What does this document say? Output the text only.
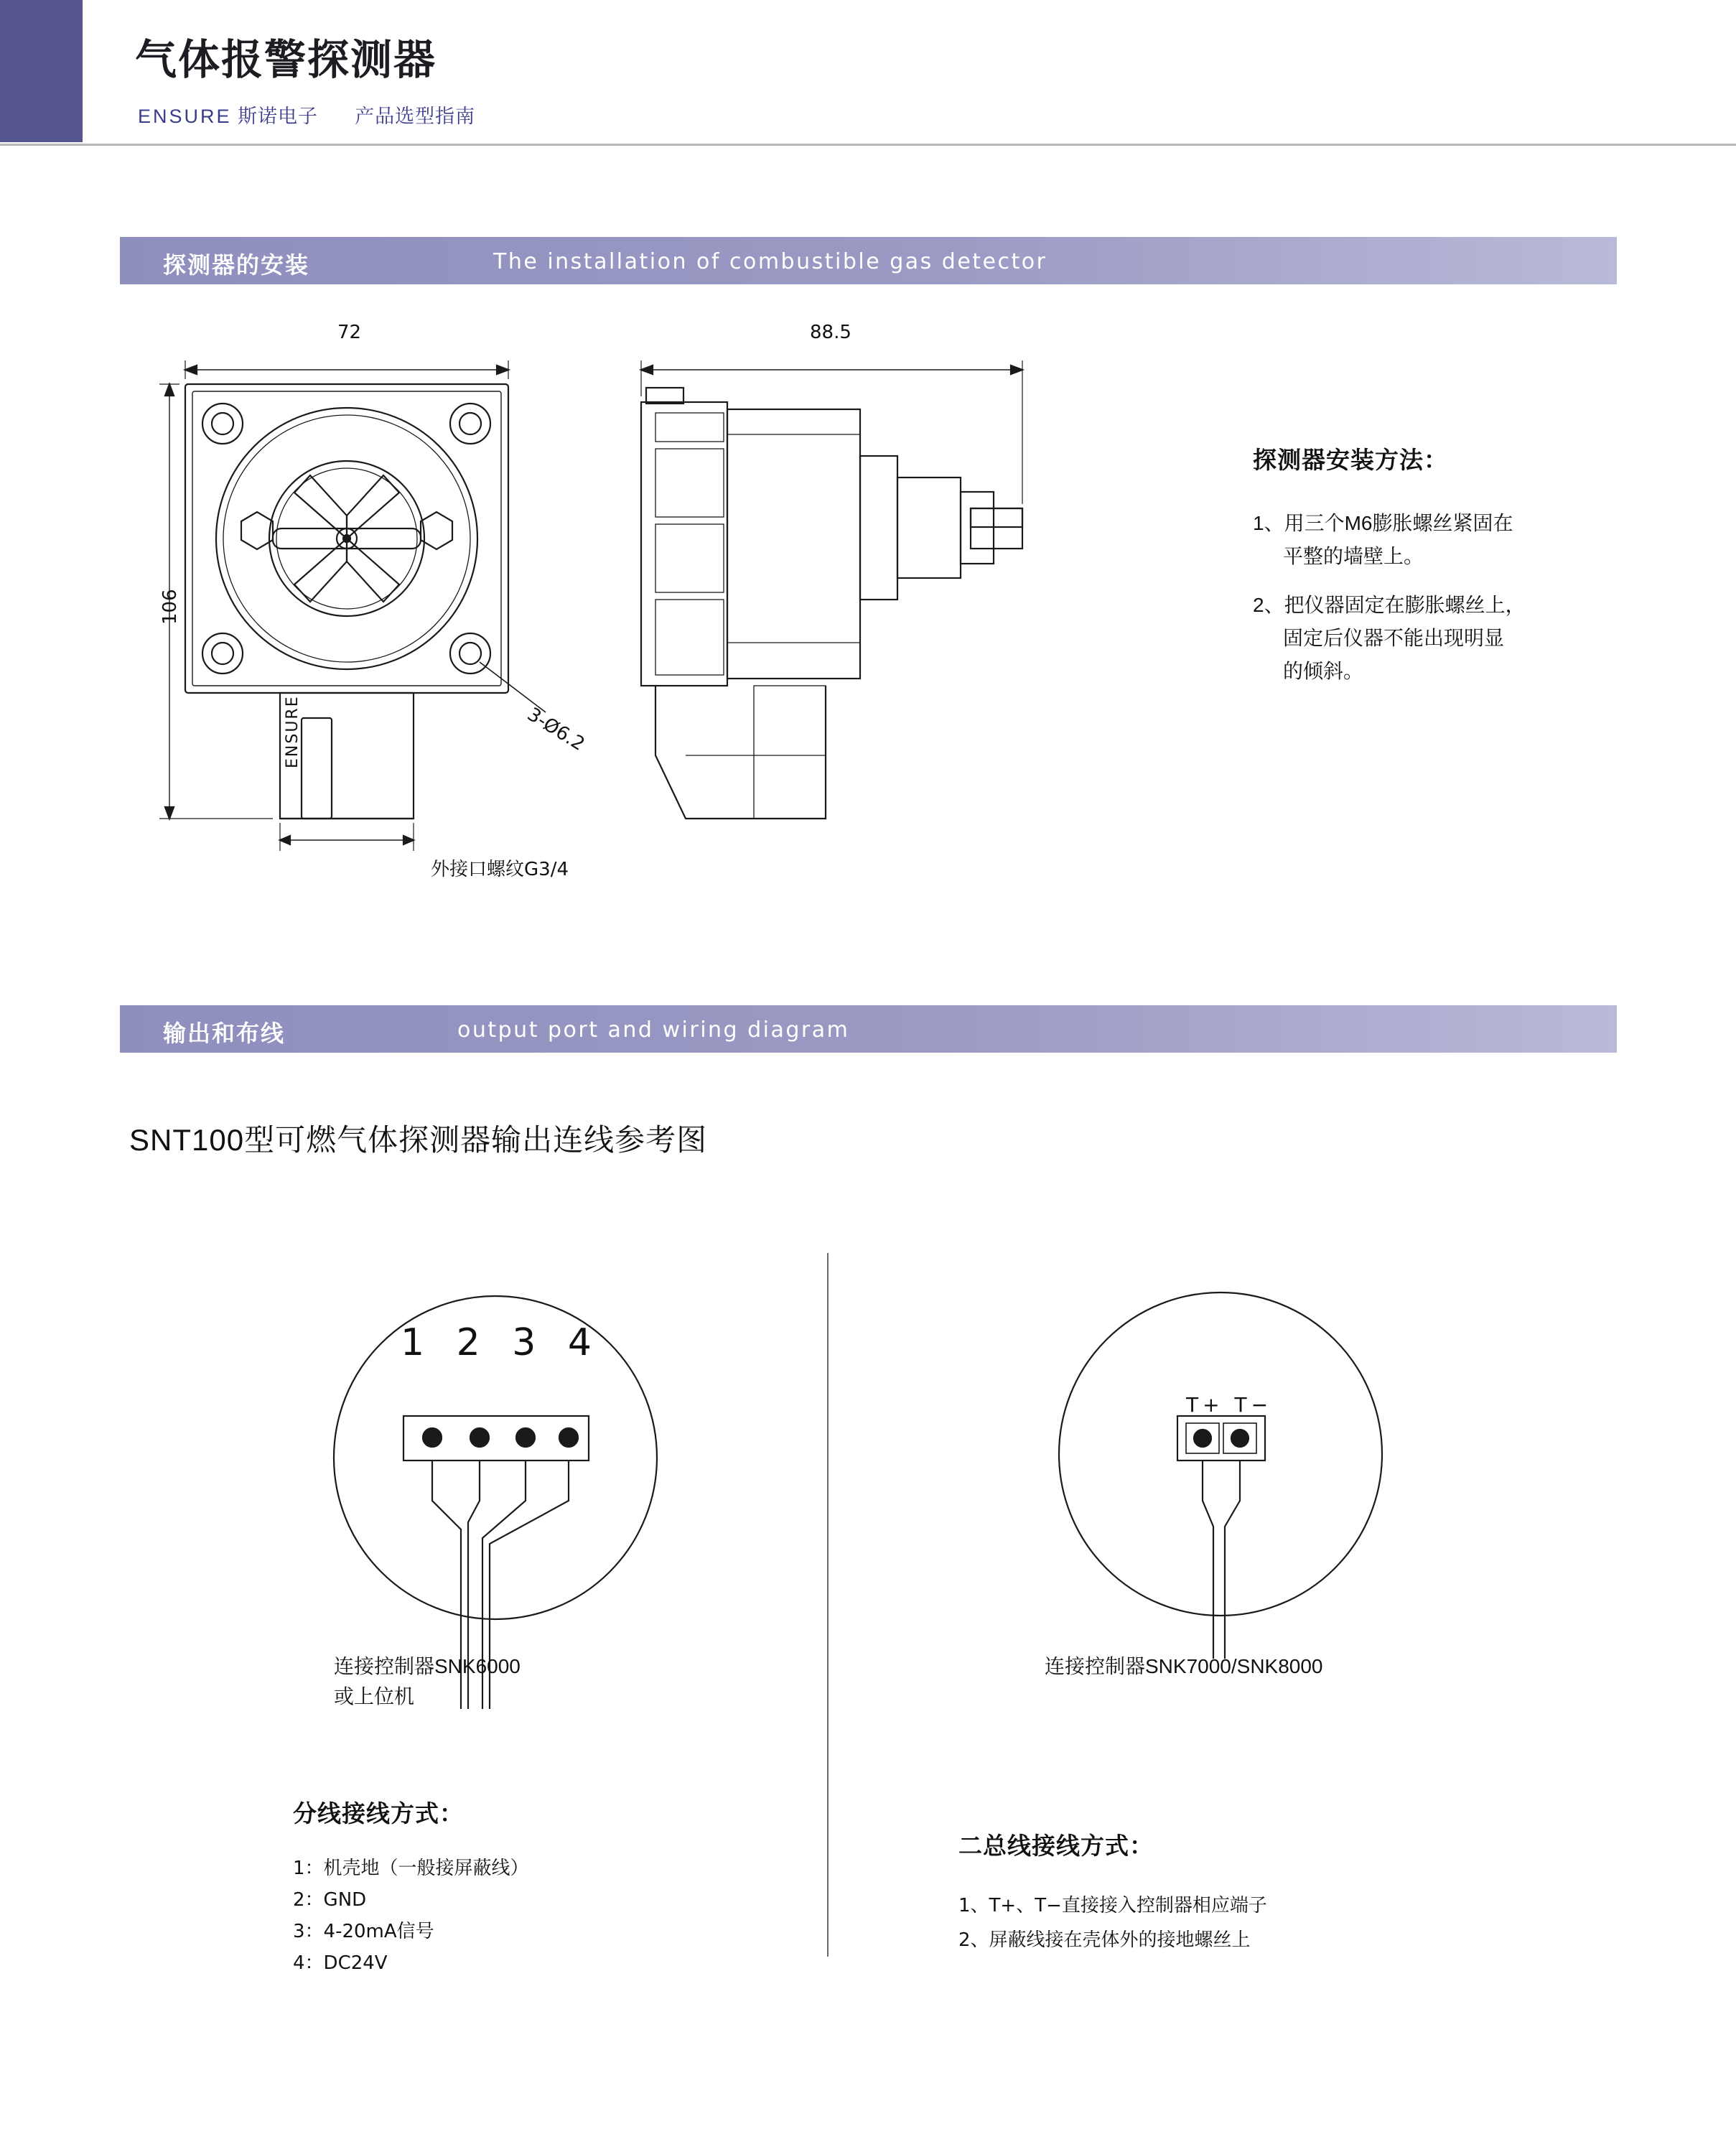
气体报警探测器
ENSURE 斯诺电子 产品选型指南
探测器的安装	The installation of combustible gas detector
72
106
88.5
3-Ø6.2
外接口螺纹G3/4
ENSURE
探测器安装方法：
1、用三个M6膨胀螺丝紧固在
平整的墙壁上。
2、把仪器固定在膨胀螺丝上，
固定后仪器不能出现明显
的倾斜。
输出和布线	output port and wiring diagram
SNT100型可燃气体探测器输出连线参考图
1 2 3 4
连接控制器SNK6000
或上位机
分线接线方式：
1：机壳地（一般接屏蔽线）
2：GND
3：4-20mA信号
4：DC24V
T+ T−
连接控制器SNK7000/SNK8000
二总线接线方式：
1、T+、T−直接接入控制器相应端子
2、屏蔽线接在壳体外的接地螺丝上
